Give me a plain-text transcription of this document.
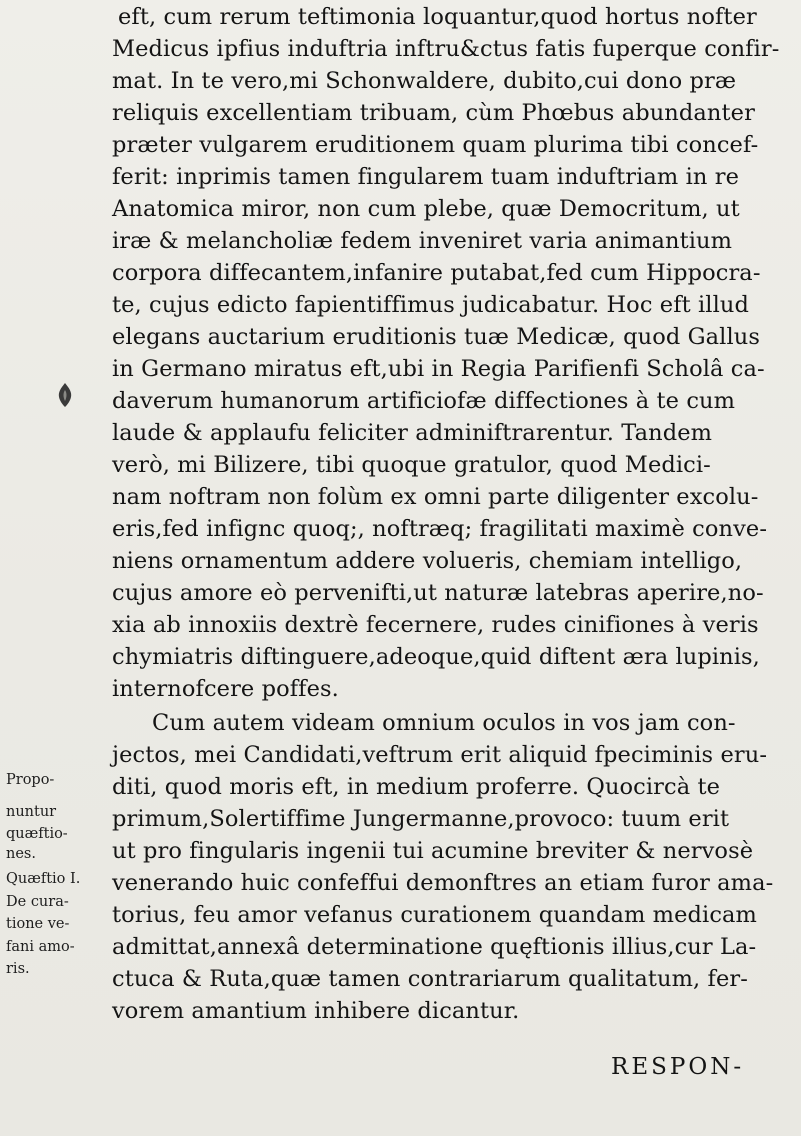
Propo-
nuntur
quæftio-
nes.
Quæftio I.
De cura-
tione ve-
fani amo-
ris.
eft, cum rerum teftimonia loquantur,quod hortus nofter
Medicus ipfius induftria inftru&ctus fatis fuperque confir-
mat. In te vero,mi Schonwaldere, dubito,cui dono præ
reliquis excellentiam tribuam, cùm Phœbus abundanter
præter vulgarem eruditionem quam plurima tibi concef-
ferit: inprimis tamen fingularem tuam induftriam in re
Anatomica miror, non cum plebe, quæ Democritum, ut
iræ & melancholiæ fedem inveniret varia animantium
corpora diffecantem,infanire putabat,fed cum Hippocra-
te, cujus edicto fapientiffimus judicabatur. Hoc eft illud
elegans auctarium eruditionis tuæ Medicæ, quod Gallus
in Germano miratus eft,ubi in Regia Parifienfi Scholâ ca-
daverum humanorum artificiofæ diffectiones à te cum
laude & applaufu feliciter adminiftrarentur. Tandem
verò, mi Bilizere, tibi quoque gratulor, quod Medici-
nam noftram non folùm ex omni parte diligenter excolu-
eris,fed infignc quoq;, noftræq; fragilitati maximè conve-
niens ornamentum addere volueris, chemiam intelligo,
cujus amore eò pervenifti,ut naturæ latebras aperire,no-
xia ab innoxiis dextrè fecernere, rudes cinifiones à veris
chymiatris diftinguere,adeoque,quid diftent æra lupinis,
internofcere poffes.
Cum autem videam omnium oculos in vos jam con-
jectos, mei Candidati,veftrum erit aliquid fpeciminis eru-
diti, quod moris eft, in medium proferre. Quocircà te
primum,Solertiffime Jungermanne,provoco: tuum erit
ut pro fingularis ingenii tui acumine breviter & nervosè
venerando huic confeffui demonftres an etiam furor ama-
torius, feu amor vefanus curationem quandam medicam
admittat,annexâ determinatione quęftionis illius,cur La-
ctuca & Ruta,quæ tamen contrariarum qualitatum, fer-
vorem amantium inhibere dicantur.
RESPON-
